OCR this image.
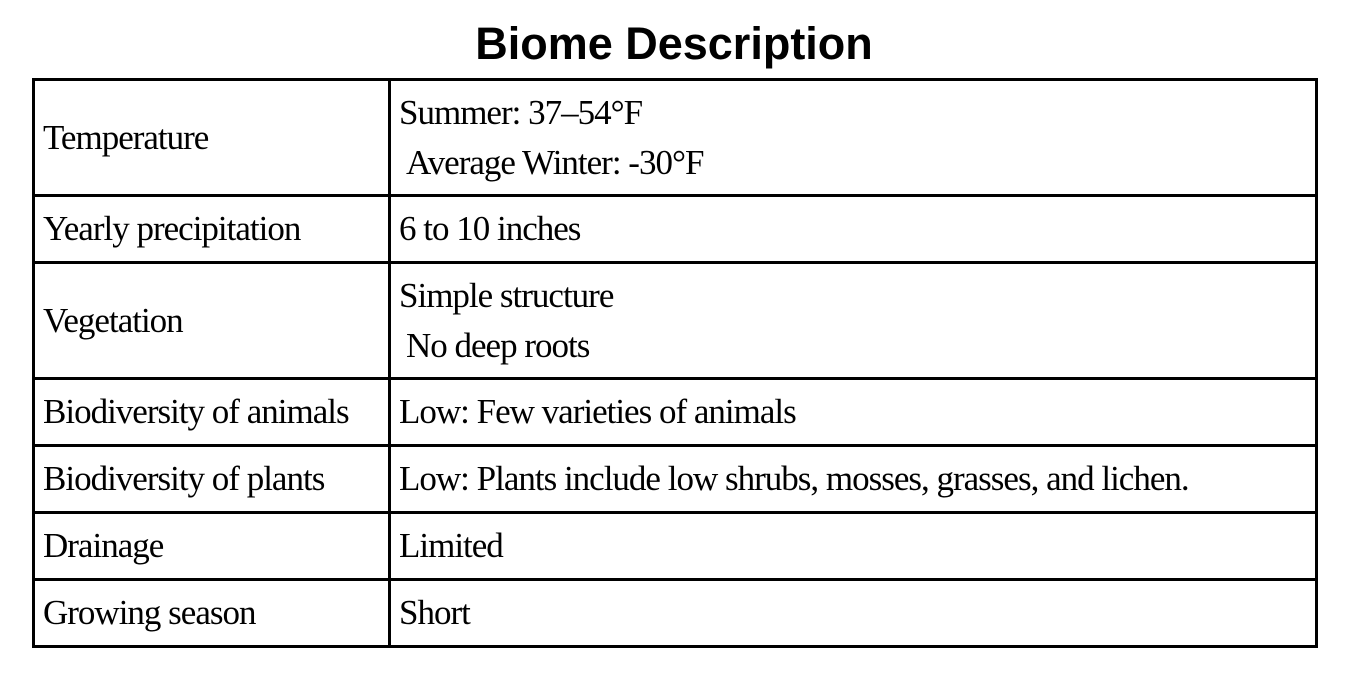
Biome Description
Temperature	Summer: 37–54°F
Average Winter: -30°F

Yearly precipitation	6 to 10 inches

Vegetation	Simple structure
No deep roots

Biodiversity of animals	Low: Few varieties of animals

Biodiversity of plants	Low: Plants include low shrubs, mosses, grasses, and lichen.

Drainage	Limited

Growing season	Short
